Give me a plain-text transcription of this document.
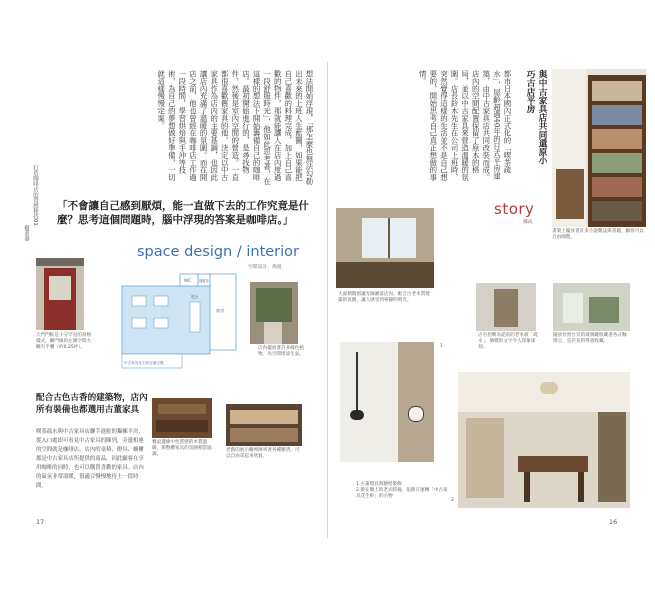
打造咖啡店的質感秘技01
樹業器
想法開始浮現，「那怎麼也無法勾勒出未來的上班人生藍圖，如果能把自己喜歡的料理完成，加上自己喜歡的物件，那就能讓人在店內度過一段舒服時光」，他如此思考著，在這樣的想法下開始籌備自己的咖啡店。最初開始進行的，是尋找物件，然後是室內空間的營造。一直都很喜歡舊家具的他，決定以中古家具作為店內的主要基調，也因此讓店內充滿了溫暖的氛圍。而在開店之前，他也曾經在咖啡店工作過一段時間，學習烘焙與手沖等技術，為自己的夢想做好準備，一切就這樣慢慢定案。	都市日本國內正式化的「喫茶疏水」，屋齡超過40年的日式平房建築，由中古家具店共同改裝而成。店內的空間配置保留了原本的格局，並以中古家具來營造溫暖的氛圍。店長鈴木先生在公司上班時，突然覺得這樣的生活並不是自己想要的，開始思考自己真正想做的事情。	與中古家具店共同還原小巧古店平房
書架上擺放著許多小說雜誌與書籍，顧客可以自由閱覽。
story
構成
「不會讓自己感到厭煩，能一直做下去的工作究竟是什麼？思考這個問題時，腦中浮現的答案是咖啡店。」
space design / interior
空間設計．佈置
大門門框是十分罕見的斜格樣式，廳門後的左側空間大概有半疊（約0.25坪）。
WC 儲藏室
廚房
吧台
中古家具花生軒店頭空間
店內擺放著許多綠色植物，為空間增添生氣。
餐桌邊緣中性質感的木質溫暖，與整體家具的氛圍相當協調。
老舊的展示櫃裡陳列著各種雜貨，可以自由拿起來欣賞。
配合古色古香的建築物，店內所有裝備也都選用古董家具
喫茶疏水與中古家具店聯手進駐的獨棟平房，從入口處即可看見中古家具的陳列，旁邊相連的空間就是咖啡店。店內的桌椅、燈具、櫥櫃都是中古家具店所提供的商品，因此顧客在享用咖啡的同時，也可以購買喜歡的家具。店內的氣氛非常溫暖，很適合慢慢地待上一段時間。
大面積開窗讓光線灑落店內，配合古老木質建築的氛圍，讓人感受到寧靜的時光。
店名招牌為從前的老木板「疏水」，簡樸的文字令人印象深刻。
擺放於窗台旁的玻璃罐收藏著各式咖啡豆，是店長的得意收藏。
1
2
1.古董燈具與牆壁裝飾
2.掛在牆上的老式時鐘，依舊在運轉「中古家具花生軒」的古物
17	16
